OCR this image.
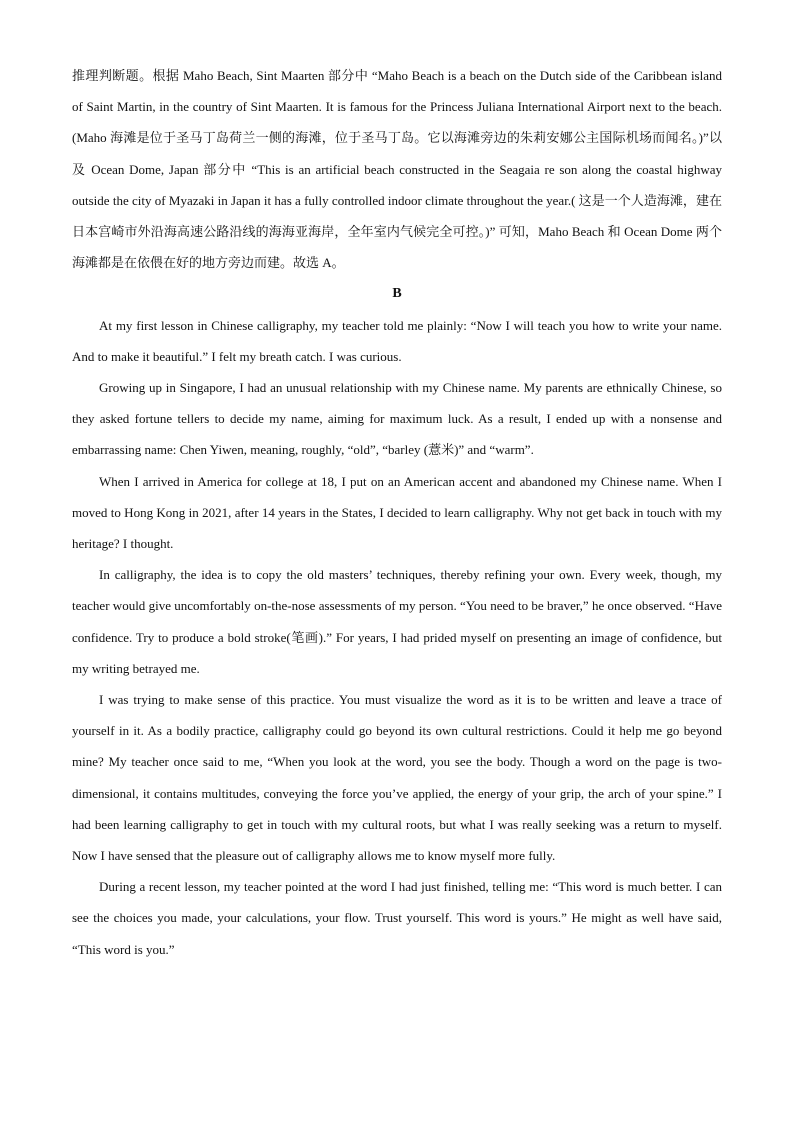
推理判断题。根据 Maho Beach, Sint Maarten 部分中 “Maho Beach is a beach on the Dutch side of the Caribbean island of Saint Martin, in the country of Sint Maarten. It is famous for the Princess Juliana International Airport next to the beach. (Maho 海滩是位于圣马丁岛荷兰一侧的海滩，位于圣马丁岛。它以海滩旁边的朱莉安娜公主国际机场而闻名。)”以及 Ocean Dome, Japan 部分中 “This is an artificial beach constructed in the Seagaia re son along the coastal highway outside the city of Myazaki in Japan it has a fully controlled indoor climate throughout the year.( 这是一个人造海滩，建在日本宫崎市外沿海高速公路沿线的海海亚海岸，全年室内气候完全可控。)” 可知，Maho Beach 和 Ocean Dome 两个海滩都是在依偎在好的地方旁边而建。故选 A。

B

At my first lesson in Chinese calligraphy, my teacher told me plainly: “Now I will teach you how to write your name. And to make it beautiful.” I felt my breath catch. I was curious.

Growing up in Singapore, I had an unusual relationship with my Chinese name. My parents are ethnically Chinese, so they asked fortune tellers to decide my name, aiming for maximum luck. As a result, I ended up with a nonsense and embarrassing name: Chen Yiwen, meaning, roughly, “old”, “barley (薏米)” and “warm”.

When I arrived in America for college at 18, I put on an American accent and abandoned my Chinese name. When I moved to Hong Kong in 2021, after 14 years in the States, I decided to learn calligraphy. Why not get back in touch with my heritage? I thought.

In calligraphy, the idea is to copy the old masters’ techniques, thereby refining your own. Every week, though, my teacher would give uncomfortably on-the-nose assessments of my person. “You need to be braver,” he once observed. “Have confidence. Try to produce a bold stroke(笔画).” For years, I had prided myself on presenting an image of confidence, but my writing betrayed me.

I was trying to make sense of this practice. You must visualize the word as it is to be written and leave a trace of yourself in it. As a bodily practice, calligraphy could go beyond its own cultural restrictions. Could it help me go beyond mine? My teacher once said to me, “When you look at the word, you see the body. Though a word on the page is two-dimensional, it contains multitudes, conveying the force you’ve applied, the energy of your grip, the arch of your spine.” I had been learning calligraphy to get in touch with my cultural roots, but what I was really seeking was a return to myself. Now I have sensed that the pleasure out of calligraphy allows me to know myself more fully.

During a recent lesson, my teacher pointed at the word I had just finished, telling me: “This word is much better. I can see the choices you made, your calculations, your flow. Trust yourself. This word is yours.” He might as well have said, “This word is you.”
